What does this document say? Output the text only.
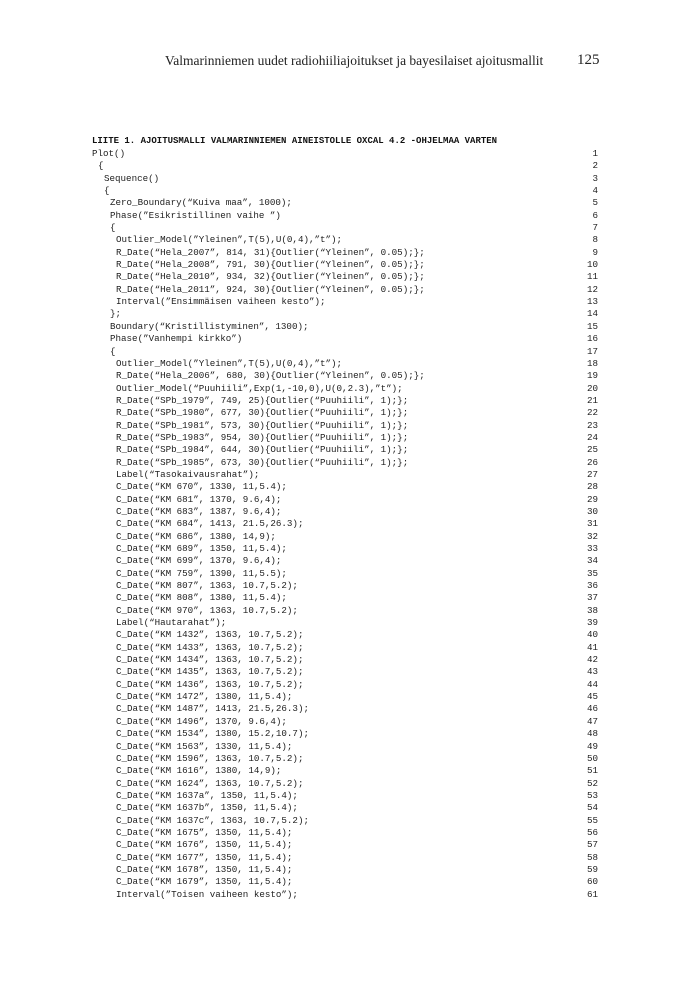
Valmarinniemen uudet radiohiiliajoitukset ja bayesilaiset ajoitusmallit 125
LIITE 1. AJOITUSMALLI VALMARINNIEMEN AINEISTOLLE OXCAL 4.2 -OHJELMAA VARTEN
Plot()	1
{	2
Sequence()	3
{	4
Zero_Boundary(“Kuiva maa”, 1000);	5
Phase(”Esikristillinen vaihe ”)	6
{	7
Outlier_Model(”Yleinen”,T(5),U(0,4),”t”);	8
R_Date(“Hela_2007”, 814, 31){Outlier(“Yleinen”, 0.05);};	9
R_Date(“Hela_2008”, 791, 30){Outlier(“Yleinen”, 0.05);};	10
R_Date(“Hela_2010”, 934, 32){Outlier(“Yleinen”, 0.05);};	11
R_Date(“Hela_2011”, 924, 30){Outlier(“Yleinen”, 0.05);};	12
Interval(”Ensimmäisen vaiheen kesto”);	13
};	14
Boundary(“Kristillistyminen”, 1300);	15
Phase(”Vanhempi kirkko”)	16
{	17
Outlier_Model(”Yleinen”,T(5),U(0,4),”t”);	18
R_Date(“Hela_2006”, 680, 30){Outlier(“Yleinen”, 0.05);};	19
Outlier_Model(“Puuhiili”,Exp(1,-10,0),U(0,2.3),”t”);	20
R_Date(“SPb_1979”, 749, 25){Outlier(“Puuhiili”, 1);};	21
R_Date(“SPb_1980”, 677, 30){Outlier(“Puuhiili”, 1);};	22
R_Date(“SPb_1981”, 573, 30){Outlier(“Puuhiili”, 1);};	23
R_Date(“SPb_1983”, 954, 30){Outlier(“Puuhiili”, 1);};	24
R_Date(“SPb_1984”, 644, 30){Outlier(“Puuhiili”, 1);};	25
R_Date(“SPb_1985”, 673, 30){Outlier(“Puuhiili”, 1);};	26
Label(“Tasokaivausrahat”);	27
C_Date(“KM 670”, 1330, 11,5.4);	28
C_Date(“KM 681”, 1370, 9.6,4);	29
C_Date(“KM 683”, 1387, 9.6,4);	30
C_Date(“KM 684”, 1413, 21.5,26.3);	31
C_Date(“KM 686”, 1380, 14,9);	32
C_Date(“KM 689”, 1350, 11,5.4);	33
C_Date(“KM 699”, 1370, 9.6,4);	34
C_Date(“KM 759”, 1390, 11,5.5);	35
C_Date(“KM 807”, 1363, 10.7,5.2);	36
C_Date(“KM 808”, 1380, 11,5.4);	37
C_Date(“KM 970”, 1363, 10.7,5.2);	38
Label(“Hautarahat”);	39
C_Date(“KM 1432”, 1363, 10.7,5.2);	40
C_Date(“KM 1433”, 1363, 10.7,5.2);	41
C_Date(“KM 1434”, 1363, 10.7,5.2);	42
C_Date(“KM 1435”, 1363, 10.7,5.2);	43
C_Date(“KM 1436”, 1363, 10.7,5.2);	44
C_Date(“KM 1472”, 1380, 11,5.4);	45
C_Date(“KM 1487”, 1413, 21.5,26.3);	46
C_Date(“KM 1496”, 1370, 9.6,4);	47
C_Date(“KM 1534”, 1380, 15.2,10.7);	48
C_Date(“KM 1563”, 1330, 11,5.4);	49
C_Date(“KM 1596”, 1363, 10.7,5.2);	50
C_Date(“KM 1616”, 1380, 14,9);	51
C_Date(“KM 1624”, 1363, 10.7,5.2);	52
C_Date(“KM 1637a”, 1350, 11,5.4);	53
C_Date(“KM 1637b”, 1350, 11,5.4);	54
C_Date(“KM 1637c”, 1363, 10.7,5.2);	55
C_Date(“KM 1675”, 1350, 11,5.4);	56
C_Date(“KM 1676”, 1350, 11,5.4);	57
C_Date(“KM 1677”, 1350, 11,5.4);	58
C_Date(“KM 1678”, 1350, 11,5.4);	59
C_Date(“KM 1679”, 1350, 11,5.4);	60
Interval(”Toisen vaiheen kesto”);	61
